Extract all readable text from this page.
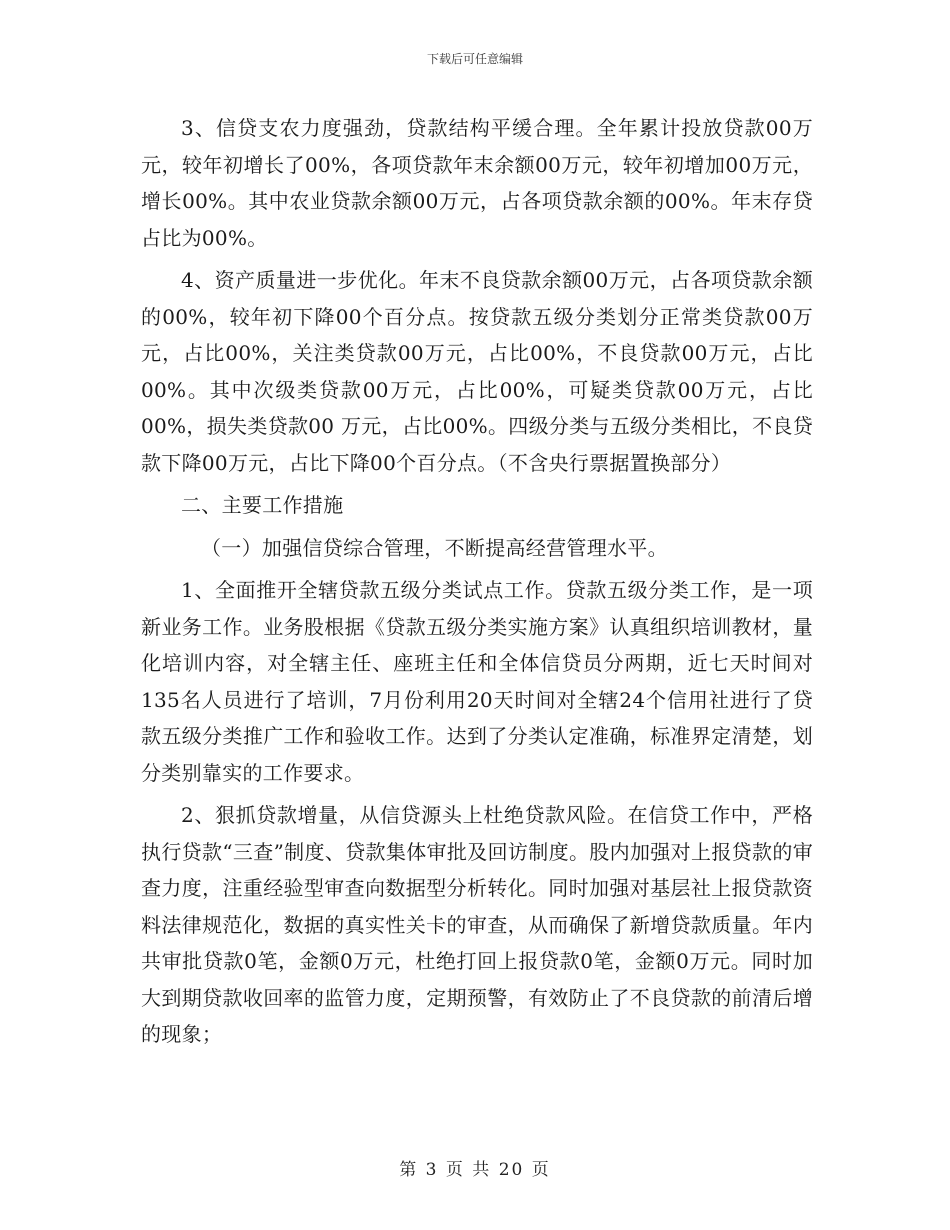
下载后可任意编辑

3、信贷支农力度强劲，贷款结构平缓合理。全年累计投放贷款00万元，较年初增长了00%，各项贷款年末余额00万元，较年初增加00万元，增长00%。其中农业贷款余额00万元，占各项贷款余额的00%。年末存贷占比为00%。

4、资产质量进一步优化。年末不良贷款余额00万元，占各项贷款余额的00%，较年初下降00个百分点。按贷款五级分类划分正常类贷款00万元，占比00%，关注类贷款00万元，占比00%，不良贷款00万元，占比00%。其中次级类贷款00万元，占比00%，可疑类贷款00万元，占比00%，损失类贷款00 万元，占比00%。四级分类与五级分类相比，不良贷款下降00万元，占比下降00个百分点。（不含央行票据置换部分）

二、主要工作措施

（一）加强信贷综合管理，不断提高经营管理水平。

1、全面推开全辖贷款五级分类试点工作。贷款五级分类工作，是一项新业务工作。业务股根据《贷款五级分类实施方案》认真组织培训教材，量化培训内容，对全辖主任、座班主任和全体信贷员分两期，近七天时间对135名人员进行了培训，7月份利用20天时间对全辖24个信用社进行了贷款五级分类推广工作和验收工作。达到了分类认定准确，标准界定清楚，划分类别靠实的工作要求。

2、狠抓贷款增量，从信贷源头上杜绝贷款风险。在信贷工作中，严格执行贷款“三查”制度、贷款集体审批及回访制度。股内加强对上报贷款的审查力度，注重经验型审查向数据型分析转化。同时加强对基层社上报贷款资料法律规范化，数据的真实性关卡的审查，从而确保了新增贷款质量。年内共审批贷款0笔，金额0万元，杜绝打回上报贷款0笔，金额0万元。同时加大到期贷款收回率的监管力度，定期预警，有效防止了不良贷款的前清后增的现象；

第 3 页 共 20 页
